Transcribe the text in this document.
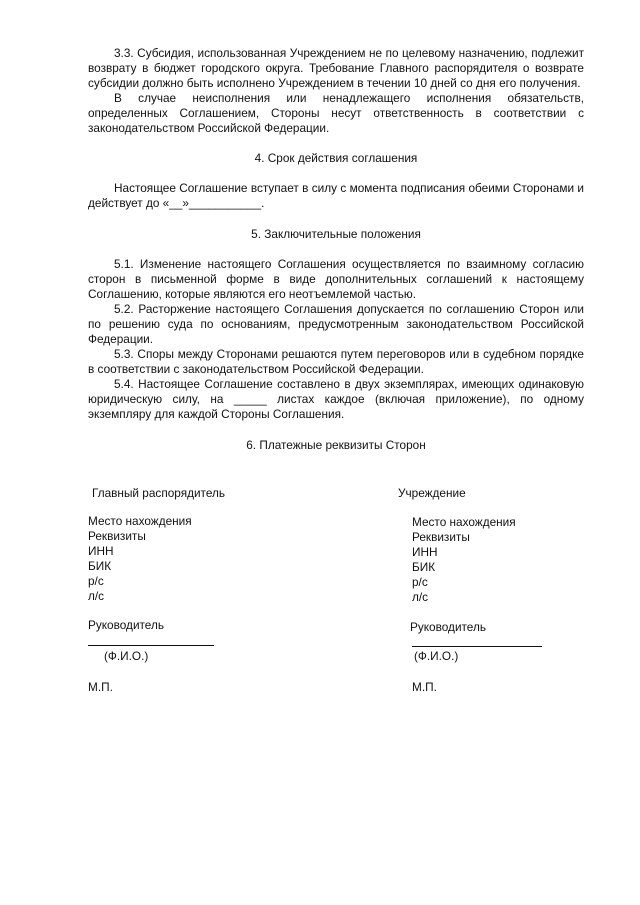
3.3. Субсидия, использованная Учреждением не по целевому назначению, подлежит возврату в бюджет городского округа. Требование Главного распорядителя о возврате субсидии должно быть исполнено Учреждением в течении 10 дней со дня его получения.

В случае неисполнения или ненадлежащего исполнения обязательств, определенных Соглашением, Стороны несут ответственность в соответствии с законодательством Российской Федерации.

4. Срок действия соглашения

Настоящее Соглашение вступает в силу с момента подписания обеими Сторонами и действует до «__»___________.

5. Заключительные положения

5.1. Изменение настоящего Соглашения осуществляется по взаимному согласию сторон в письменной форме в виде дополнительных соглашений к настоящему Соглашению, которые являются его неотъемлемой частью.

5.2. Расторжение настоящего Соглашения допускается по соглашению Сторон или по решению суда по основаниям, предусмотренным законодательством Российской Федерации.

5.3. Споры между Сторонами решаются путем переговоров или в судебном порядке в соответствии с законодательством Российской Федерации.

5.4. Настоящее Соглашение составлено в двух экземплярах, имеющих одинаковую юридическую силу, на _____ листах каждое (включая приложение), по одному экземпляру для каждой Стороны Соглашения.

6. Платежные реквизиты Сторон

Главный распорядитель
Место нахождения
Реквизиты
ИНН
БИК
р/с
л/с
Руководитель
(Ф.И.О.)
М.П.
Учреждение
Место нахождения
Реквизиты
ИНН
БИК
р/с
л/с
Руководитель
(Ф.И.О.)
М.П.
